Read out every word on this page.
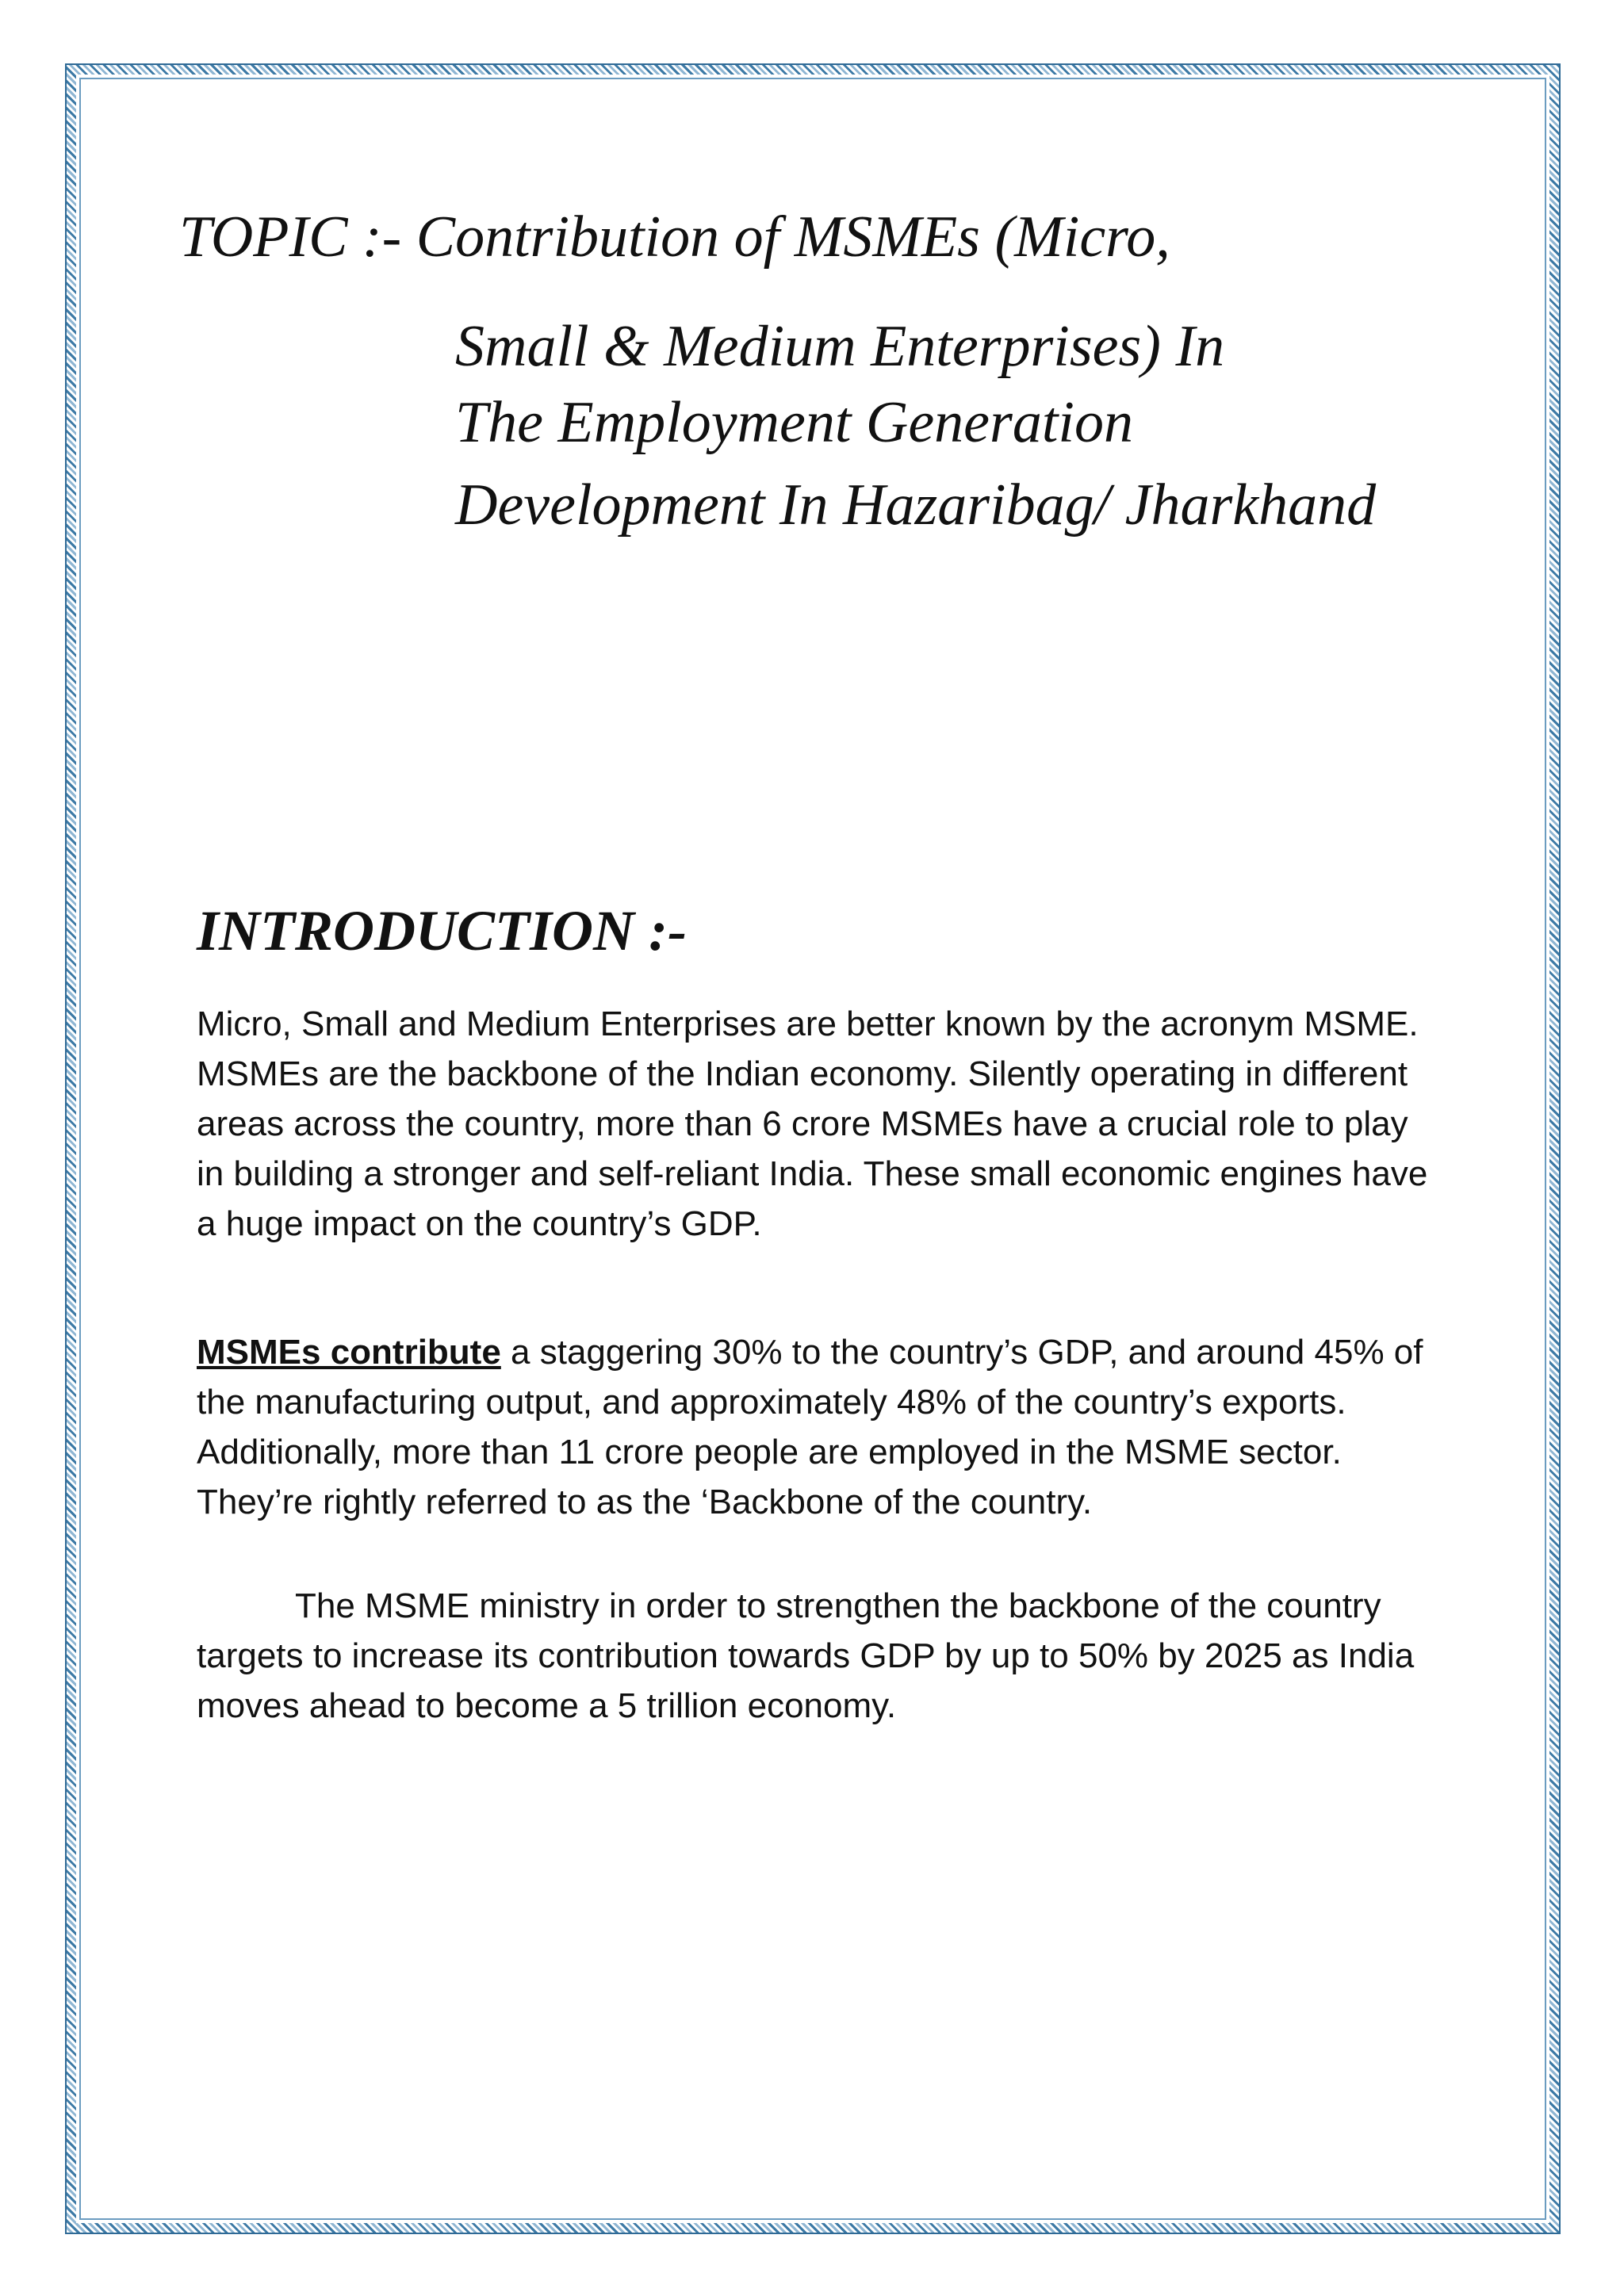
TOPIC :- Contribution of MSMEs (Micro,
Small & Medium Enterprises) In
The Employment Generation
Development In Hazaribag/ Jharkhand
INTRODUCTION :-

Micro, Small and Medium Enterprises are better known by the acronym MSME. MSMEs are the backbone of the Indian economy. Silently operating in different areas across the country, more than 6 crore MSMEs have a crucial role to play in building a stronger and self-reliant India. These small economic engines have a huge impact on the country’s GDP.

MSMEs contribute a staggering 30% to the country’s GDP, and around 45% of the manufacturing output, and approximately 48% of the country’s exports. Additionally, more than 11 crore people are employed in the MSME sector. They’re rightly referred to as the ‘Backbone of the country.

The MSME ministry in order to strengthen the backbone of the country targets to increase its contribution towards GDP by up to 50% by 2025 as India moves ahead to become a 5 trillion economy.
